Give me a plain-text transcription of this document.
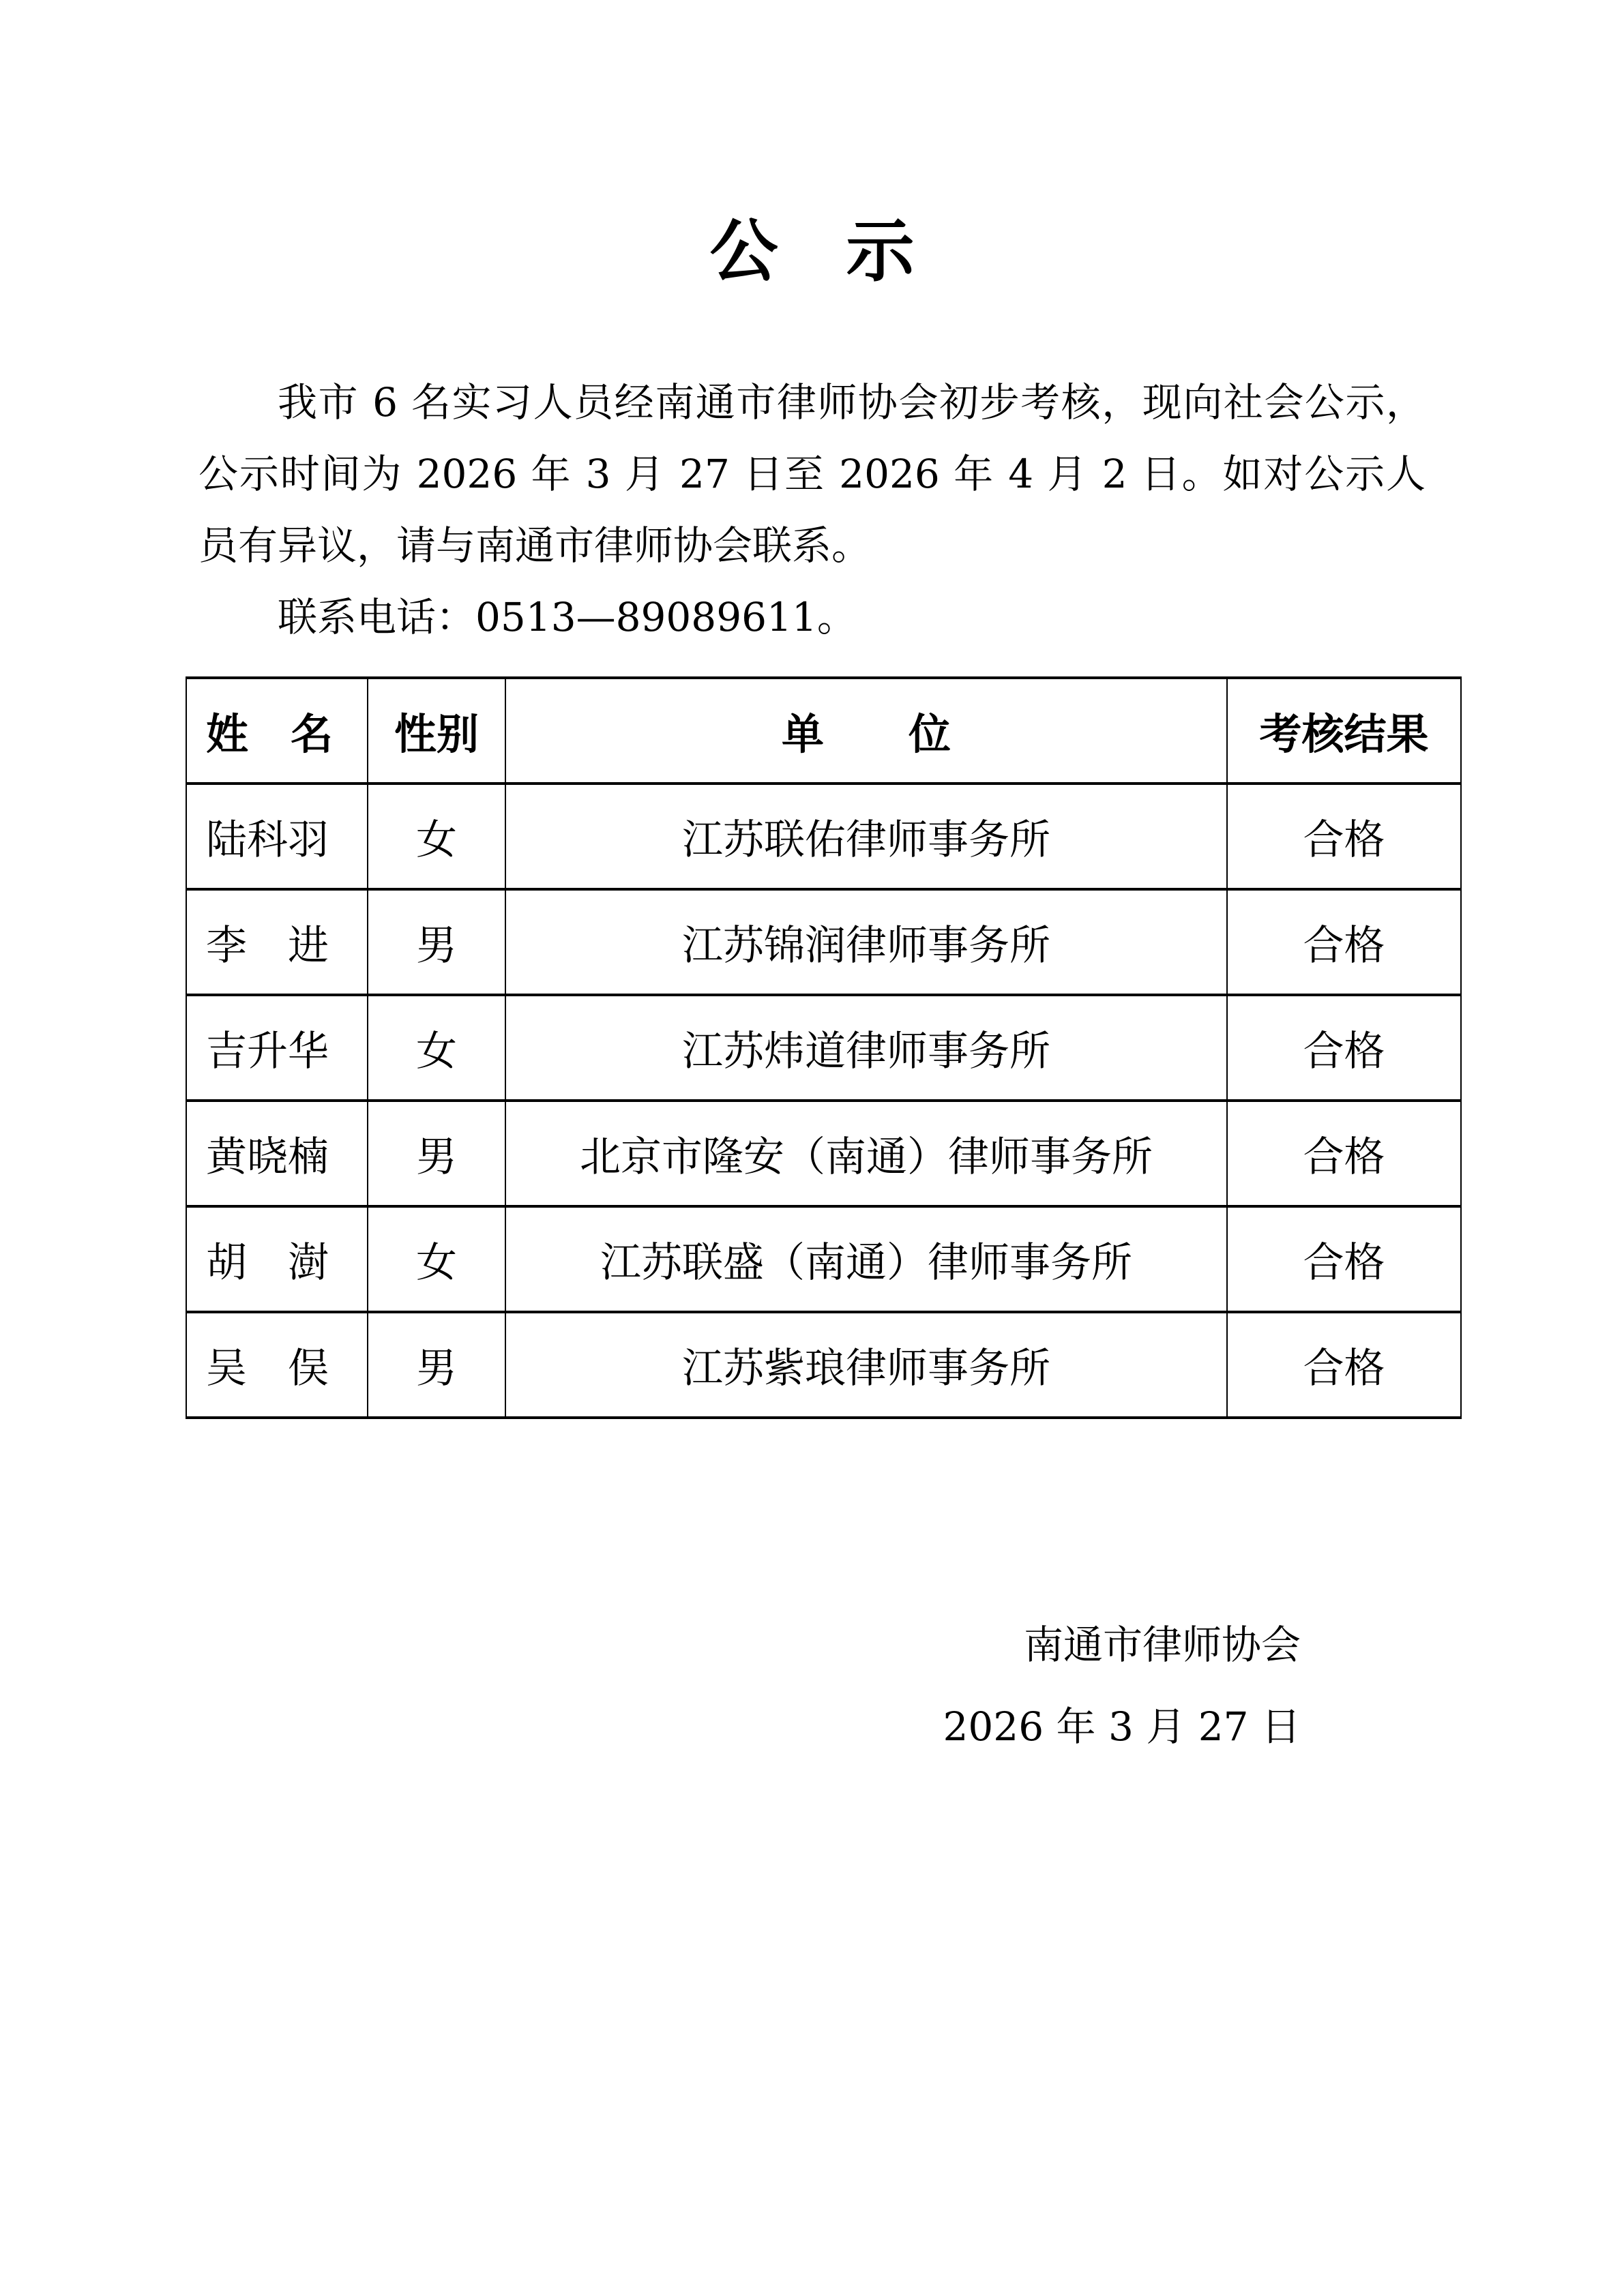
公　示

我市 6 名实习人员经南通市律师协会初步考核，现向社会公示，公示时间为 2026 年 3 月 27 日至 2026 年 4 月 2 日。如对公示人员有异议，请与南通市律师协会联系。

联系电话：0513—89089611。

姓　名	性别	单　　位	考核结果
陆科羽	女	江苏联佑律师事务所	合格
李　进	男	江苏锦润律师事务所	合格
吉升华	女	江苏炜道律师事务所	合格
黄晓楠	男	北京市隆安（南通）律师事务所	合格
胡　澍	女	江苏联盛（南通）律师事务所	合格
吴　俣	男	江苏紫琅律师事务所	合格
南通市律师协会
2026 年 3 月 27 日
